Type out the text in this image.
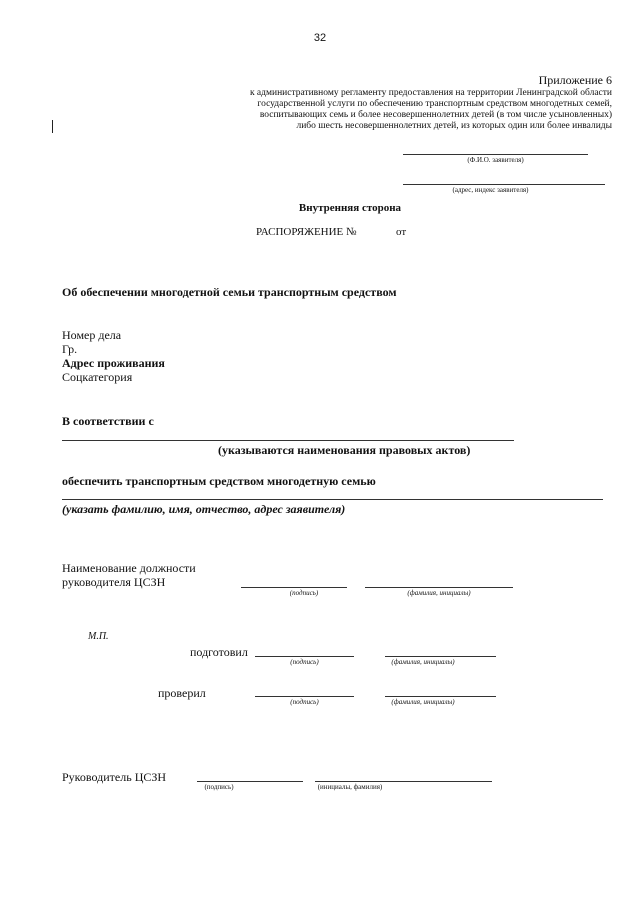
32
Приложение 6
к административному регламенту предоставления на территории Ленинградской области
государственной услуги по обеспечению транспортным средством многодетных семей,
воспитывающих семь и более несовершеннолетних детей (в том числе усыновленных)
либо шесть несовершеннолетних детей, из которых один или более инвалиды
(Ф.И.О. заявителя)
(адрес, индекс заявителя)
Внутренняя сторона
РАСПОРЯЖЕНИЕ №	от
Об обеспечении многодетной семьи транспортным средством
Номер дела
Гр.
Адрес проживания
Соцкатегория
В соответствии с
(указываются наименования правовых актов)
обеспечить транспортным средством многодетную семью
(указать фамилию, имя, отчество, адрес заявителя)
Наименование должности
руководителя ЦСЗН
(подпись)	(фамилия, инициалы)
М.П.
подготовил
(подпись)	(фамилия, инициалы)
проверил
(подпись)	(фамилия, инициалы)
Руководитель ЦСЗН
(подпись)	(инициалы, фамилия)
